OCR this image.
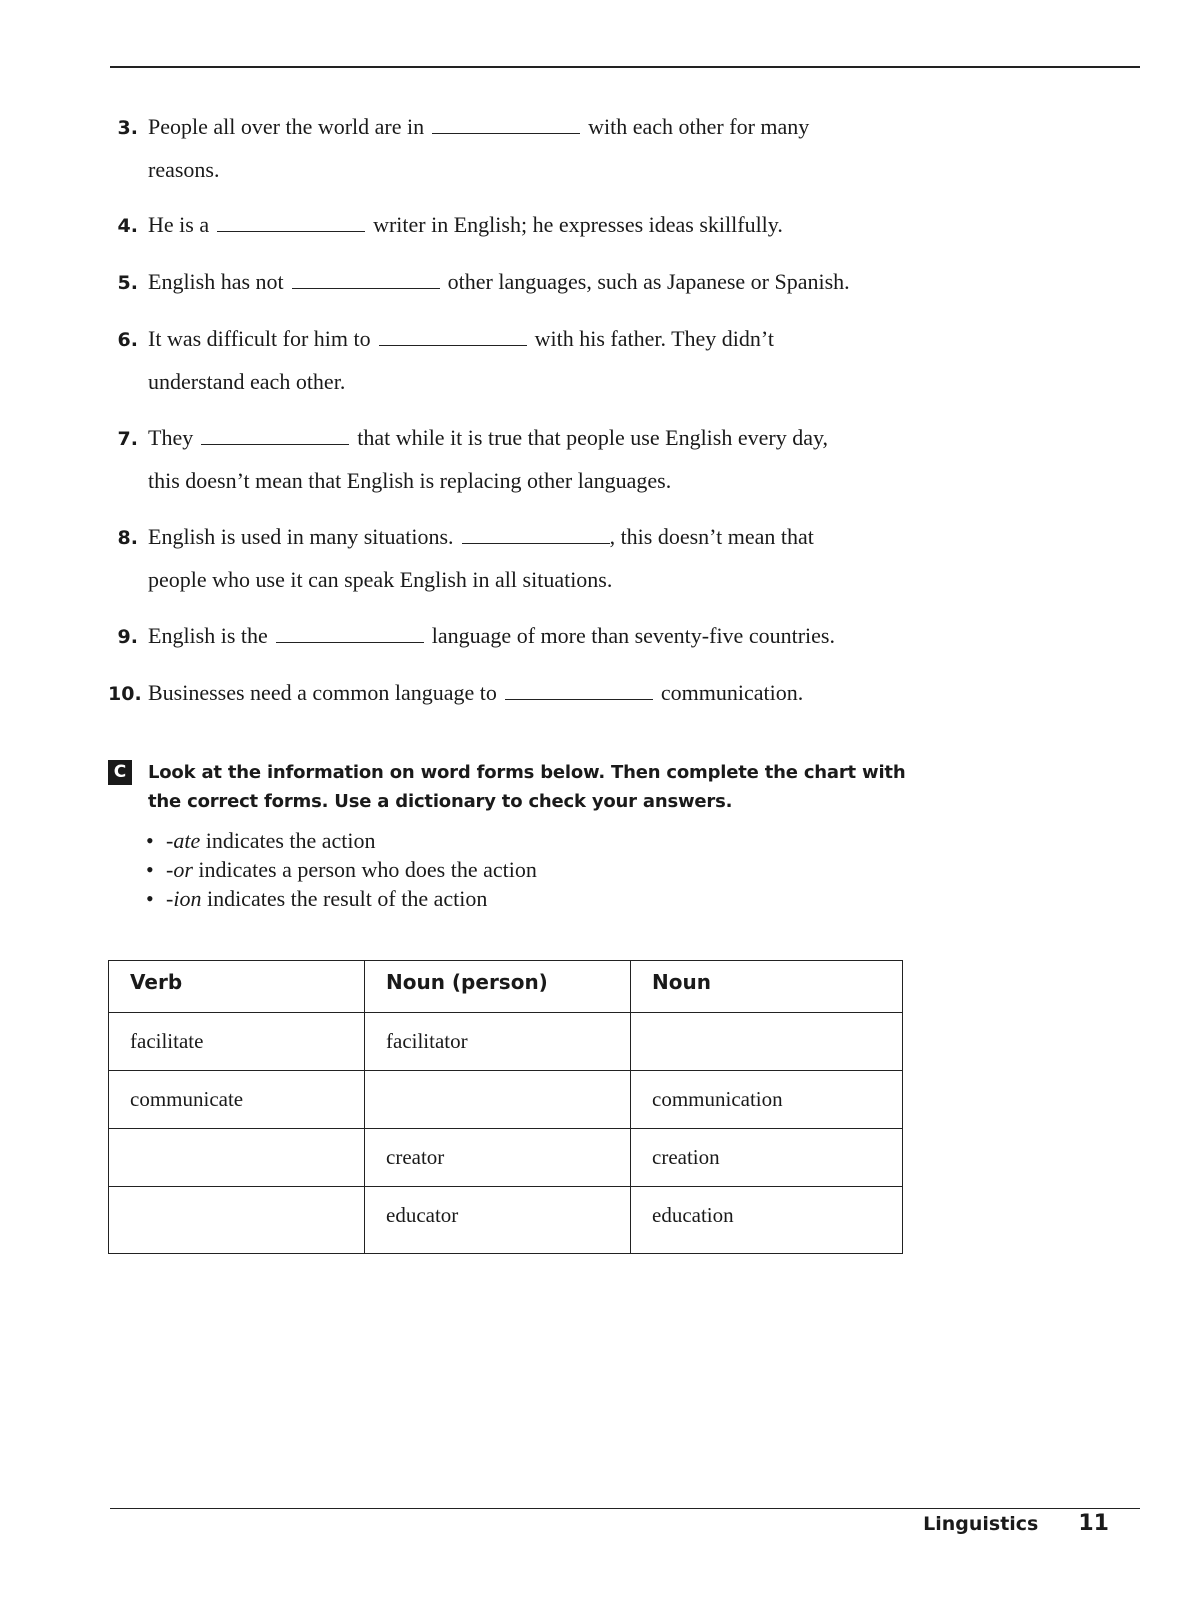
3. People all over the world are in	with each other for many
reasons.
4. He is a	writer in English; he expresses ideas skillfully.
5. English has not	other languages, such as Japanese or Spanish.
6. It was difficult for him to	with his father. They didn’t
understand each other.
7. They	that while it is true that people use English every day,
this doesn’t mean that English is replacing other languages.
8. English is used in many situations.	, this doesn’t mean that
people who use it can speak English in all situations.
9. English is the	language of more than seventy-five countries.
10. Businesses need a common language to	communication.
C	Look at the information on word forms below. Then complete the chart with the correct forms. Use a dictionary to check your answers.
• -ate indicates the action
• -or indicates a person who does the action
• -ion indicates the result of the action
Verb	Noun (person)	Noun
facilitate	facilitator	
communicate		communication
	creator	creation
	educator	education
Linguistics 11
